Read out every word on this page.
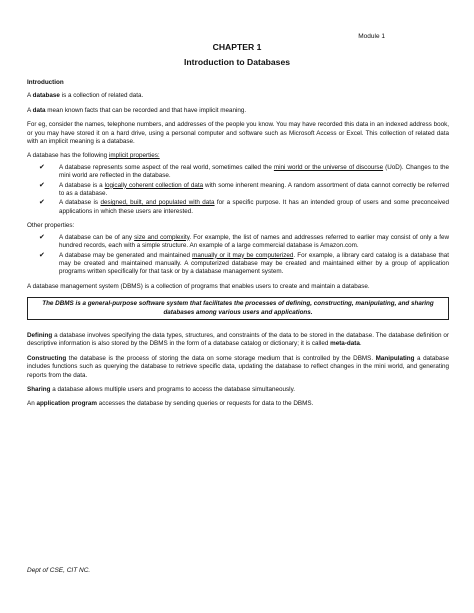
Module 1
CHAPTER 1
Introduction to Databases

Introduction

A database is a collection of related data.

A data mean known facts that can be recorded and that have implicit meaning.

For eg, consider the names, telephone numbers, and addresses of the people you know. You may have recorded this data in an indexed address book, or you may have stored it on a hard drive, using a personal computer and software such as Microsoft Access or Excel. This collection of related data with an implicit meaning is a database.

A database has the following implicit properties:

✔ A database represents some aspect of the real world, sometimes called the mini world or the universe of discourse (UoD). Changes to the mini world are reflected in the database.
✔ A database is a logically coherent collection of data with some inherent meaning. A random assortment of data cannot correctly be referred to as a database.
✔ A database is designed, built, and populated with data for a specific purpose. It has an intended group of users and some preconceived applications in which these users are interested.

Other properties:

✔ A database can be of any size and complexity. For example, the list of names and addresses referred to earlier may consist of only a few hundred records, each with a simple structure. An example of a large commercial database is Amazon.com.
✔ A database may be generated and maintained manually or it may be computerized. For example, a library card catalog is a database that may be created and maintained manually. A computerized database may be created and maintained either by a group of application programs written specifically for that task or by a database management system.

A database management system (DBMS) is a collection of programs that enables users to create and maintain a database.

The DBMS is a general-purpose software system that facilitates the processes of defining, constructing, manipulating, and sharing databases among various users and applications.

Defining a database involves specifying the data types, structures, and constraints of the data to be stored in the database. The database definition or descriptive information is also stored by the DBMS in the form of a database catalog or dictionary; it is called meta-data.

Constructing the database is the process of storing the data on some storage medium that is controlled by the DBMS. Manipulating a database includes functions such as querying the database to retrieve specific data, updating the database to reflect changes in the mini world, and generating reports from the data.

Sharing a database allows multiple users and programs to access the database simultaneously.

An application program accesses the database by sending queries or requests for data to the DBMS.

Dept of CSE, CIT NC.
